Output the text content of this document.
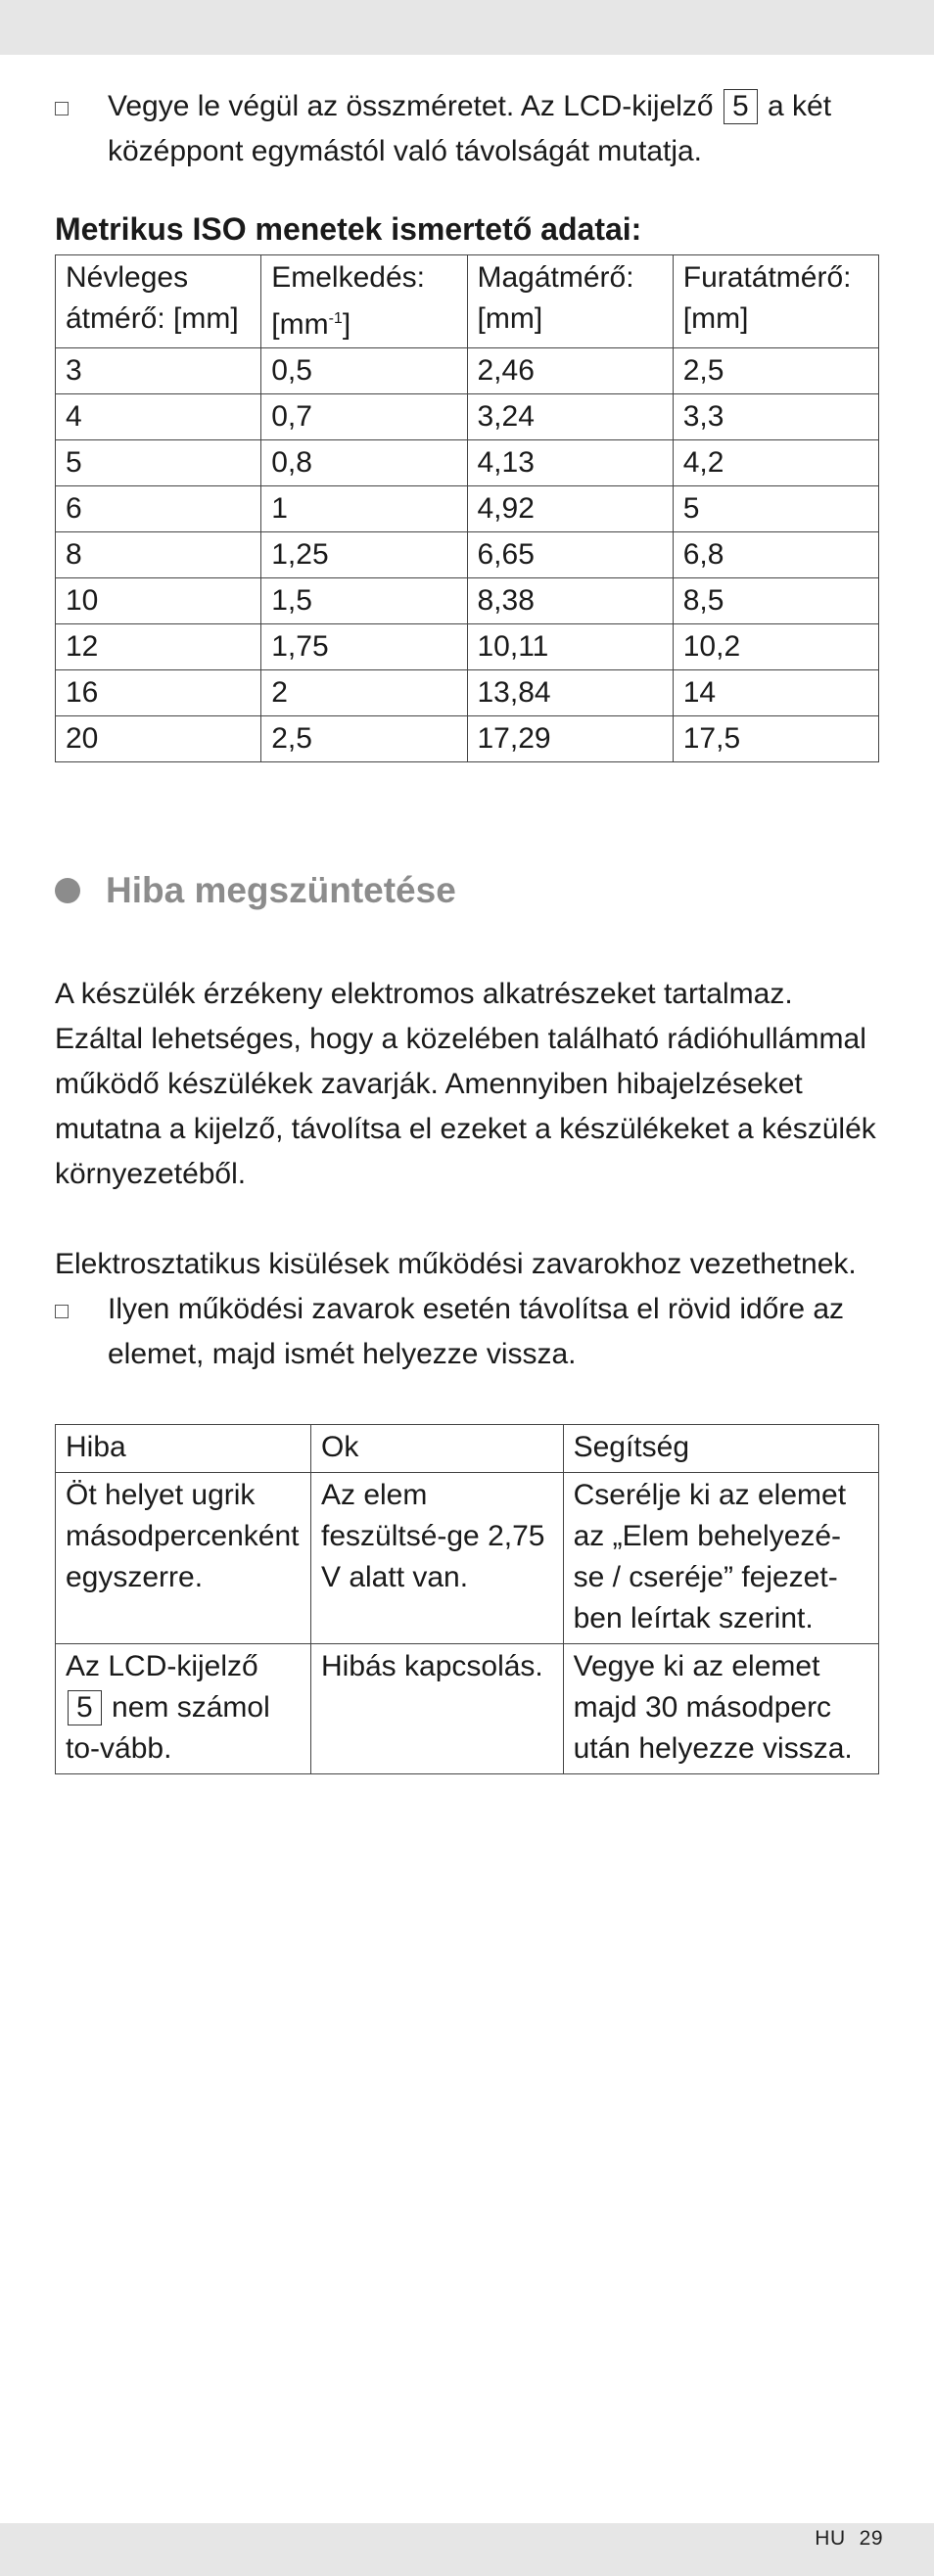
Vegye le végül az összméretet. Az LCD-kijelző 5 a két középpont egymástól való távolságát mutatja.
Metrikus ISO menetek ismertető adatai:
Névleges átmérő: [mm]	Emelkedés: $[mm^{-1}]$	Magátmérő: [mm]	Furatátmérő: [mm]
3	0,5	2,46	2,5
4	0,7	3,24	3,3
5	0,8	4,13	4,2
6	1	4,92	5
8	1,25	6,65	6,8
10	1,5	8,38	8,5
12	1,75	10,11	10,2
16	2	13,84	14
20	2,5	17,29	17,5
Hiba megszüntetése

A készülék érzékeny elektromos alkatrészeket tartalmaz. Ezáltal lehetséges, hogy a közelében található rádióhullámmal működő készülékek zavarják. Amennyiben hibajelzéseket mutatna a kijelző, távolítsa el ezeket a készülékeket a készülék környezetéből.

Elektrosztatikus kisülések működési zavarokhoz vezethetnek.

Ilyen működési zavarok esetén távolítsa el rövid időre az elemet, majd ismét helyezze vissza.
Hiba	Ok	Segítség
Öt helyet ugrik másodpercenként egyszerre.	Az elem feszültsé-ge 2,75 V alatt van.	Cserélje ki az elemet az „Elem behelyezé-se / cseréje” fejezet-ben leírtak szerint.
Az LCD-kijelző 5 nem számol to-vább.	Hibás kapcsolás.	Vegye ki az elemet majd 30 másodperc után helyezze vissza.
HU 29
